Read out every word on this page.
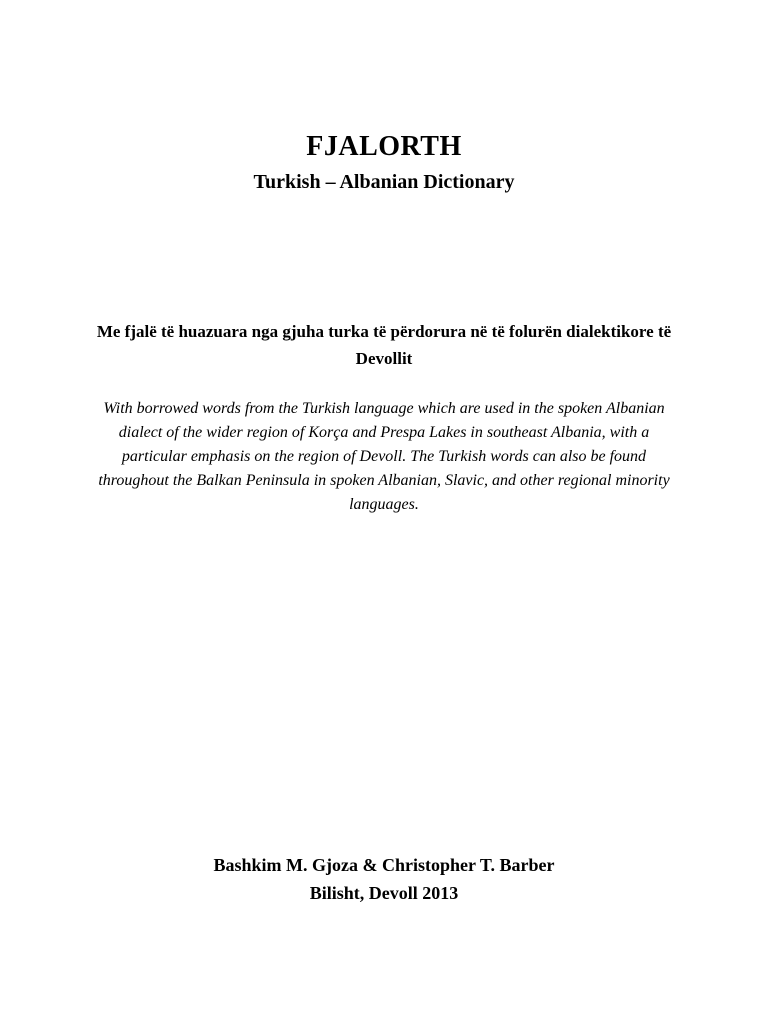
FJALORTH
Turkish – Albanian Dictionary
Me fjalë të huazuara nga gjuha turka të përdorura në të folurën dialektikore të Devollit
With borrowed words from the Turkish language which are used in the spoken Albanian dialect of the wider region of Korça and Prespa Lakes in southeast Albania, with a particular emphasis on the region of Devoll. The Turkish words can also be found throughout the Balkan Peninsula in spoken Albanian, Slavic, and other regional minority languages.
Bashkim M. Gjoza & Christopher T. Barber
Bilisht, Devoll 2013
